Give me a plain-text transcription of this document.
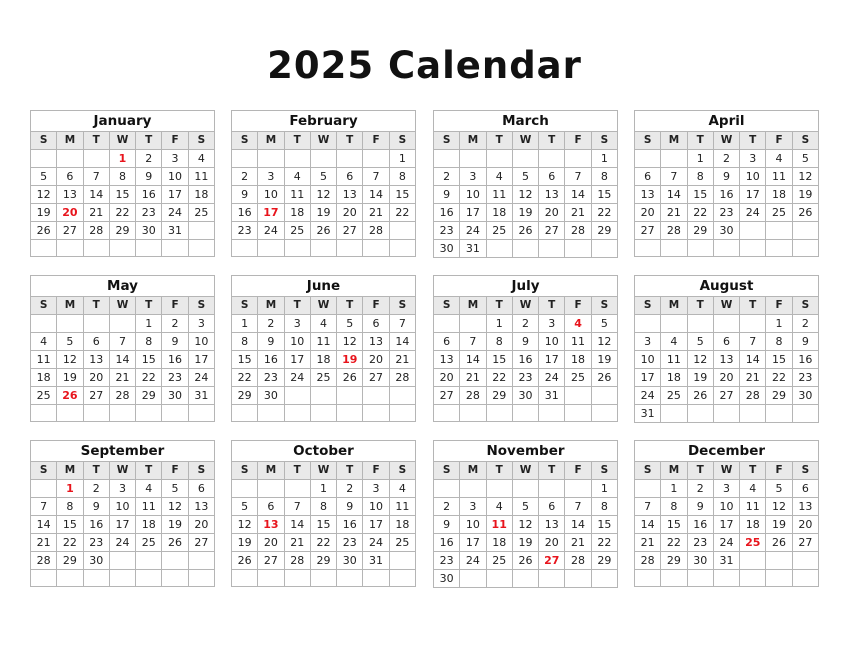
2025 Calendar
January
S	M	T	W	T	F	S
			1	2	3	4
5	6	7	8	9	10	11
12	13	14	15	16	17	18
19	20	21	22	23	24	25
26	27	28	29	30	31	

February
S	M	T	W	T	F	S
						1
2	3	4	5	6	7	8
9	10	11	12	13	14	15
16	17	18	19	20	21	22
23	24	25	26	27	28	

March
S	M	T	W	T	F	S
						1
2	3	4	5	6	7	8
9	10	11	12	13	14	15
16	17	18	19	20	21	22
23	24	25	26	27	28	29
30	31					
April
S	M	T	W	T	F	S
		1	2	3	4	5
6	7	8	9	10	11	12
13	14	15	16	17	18	19
20	21	22	23	24	25	26
27	28	29	30			

May
S	M	T	W	T	F	S
				1	2	3
4	5	6	7	8	9	10
11	12	13	14	15	16	17
18	19	20	21	22	23	24
25	26	27	28	29	30	31

June
S	M	T	W	T	F	S
1	2	3	4	5	6	7
8	9	10	11	12	13	14
15	16	17	18	19	20	21
22	23	24	25	26	27	28
29	30					

July
S	M	T	W	T	F	S
		1	2	3	4	5
6	7	8	9	10	11	12
13	14	15	16	17	18	19
20	21	22	23	24	25	26
27	28	29	30	31		

August
S	M	T	W	T	F	S
					1	2
3	4	5	6	7	8	9
10	11	12	13	14	15	16
17	18	19	20	21	22	23
24	25	26	27	28	29	30
31						
September
S	M	T	W	T	F	S
	1	2	3	4	5	6
7	8	9	10	11	12	13
14	15	16	17	18	19	20
21	22	23	24	25	26	27
28	29	30				

October
S	M	T	W	T	F	S
			1	2	3	4
5	6	7	8	9	10	11
12	13	14	15	16	17	18
19	20	21	22	23	24	25
26	27	28	29	30	31	

November
S	M	T	W	T	F	S
						1
2	3	4	5	6	7	8
9	10	11	12	13	14	15
16	17	18	19	20	21	22
23	24	25	26	27	28	29
30						
December
S	M	T	W	T	F	S
	1	2	3	4	5	6
7	8	9	10	11	12	13
14	15	16	17	18	19	20
21	22	23	24	25	26	27
28	29	30	31			
